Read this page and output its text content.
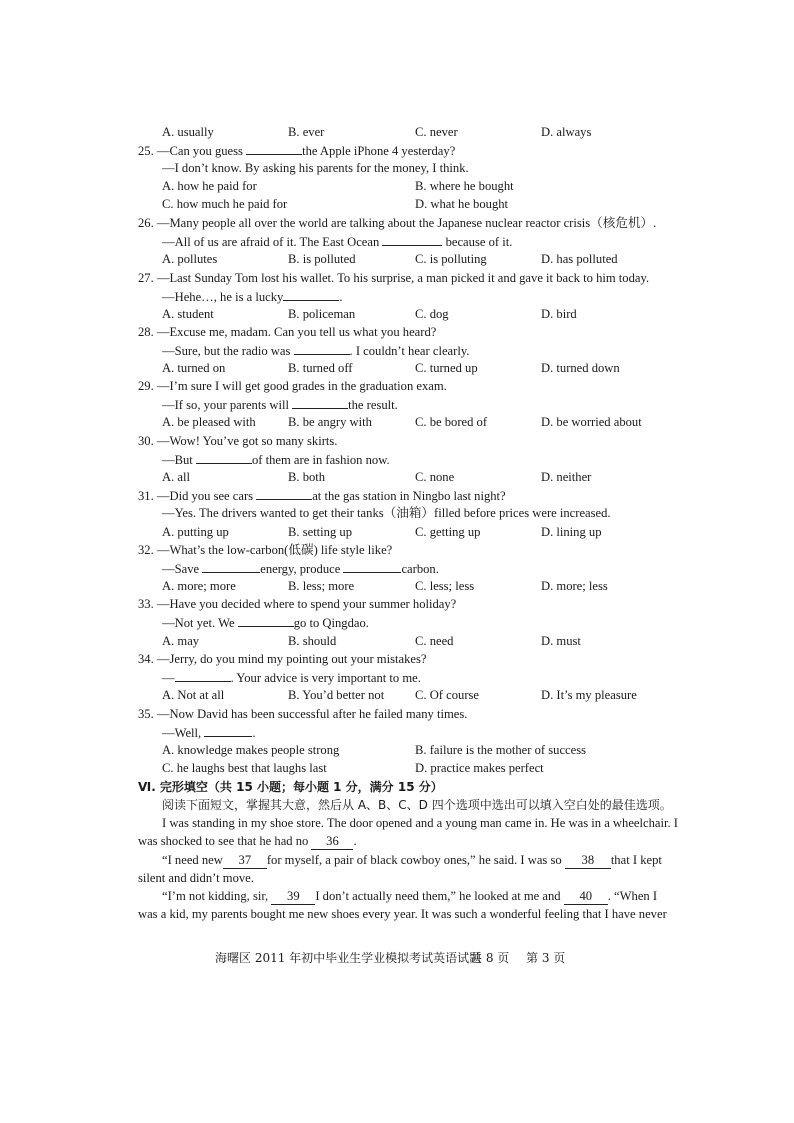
A. usually	B. ever	C. never	D. always
25. —Can you guess	the Apple iPhone 4 yesterday?
—I don’t know. By asking his parents for the money, I think.
A. how he paid for	B. where he bought
C. how much he paid for	D. what he bought
26. —Many people all over the world are talking about the Japanese nuclear reactor crisis（核危机）.
—All of us are afraid of it. The East Ocean	because of it.
A. pollutes	B. is polluted	C. is polluting	D. has polluted
27. —Last Sunday Tom lost his wallet. To his surprise, a man picked it and gave it back to him today.
—Hehe…, he is a lucky	.
A. student	B. policeman	C. dog	D. bird
28. —Excuse me, madam. Can you tell us what you heard?
—Sure, but the radio was	. I couldn’t hear clearly.
A. turned on	B. turned off	C. turned up	D. turned down
29. —I’m sure I will get good grades in the graduation exam.
—If so, your parents will	the result.
A. be pleased with	B. be angry with	C. be bored of	D. be worried about
30. —Wow! You’ve got so many skirts.
—But	of them are in fashion now.
A. all	B. both	C. none	D. neither
31. —Did you see cars	at the gas station in Ningbo last night?
—Yes. The drivers wanted to get their tanks（油箱）filled before prices were increased.
A. putting up	B. setting up	C. getting up	D. lining up
32. —What’s the low-carbon(低碳) life style like?
—Save	energy, produce	carbon.
A. more; more	B. less; more	C. less; less	D. more; less
33. —Have you decided where to spend your summer holiday?
—Not yet. We	go to Qingdao.
A. may	B. should	C. need	D. must
34. —Jerry, do you mind my pointing out your mistakes?
—	. Your advice is very important to me.
A. Not at all	B. You’d better not C. Of course	D. It’s my pleasure
35. —Now David has been successful after he failed many times.
—Well,	.
A. knowledge makes people strong	B. failure is the mother of success
C. he laughs best that laughs last	D. practice makes perfect
Ⅵ. 完形填空（共 15 小题；每小题 1 分，满分 15 分）
阅读下面短文，掌握其大意，然后从 A、B、C、D 四个选项中选出可以填入空白处的最佳选项。
I was standing in my shoe store. The door opened and a young man came in. He was in a wheelchair. I
was shocked to see that he had no 36 .
“I need new 37 for myself, a pair of black cowboy ones,” he said. I was so 38 that I kept
silent and didn’t move.
“I’m not kidding, sir, 39 I don’t actually need them,” he looked at me and 40 . “When I
was a kid, my parents bought me new shoes every year. It was such a wonderful feeling that I have never
海曙区 2011 年初中毕业生学业模拟考试英语试题
共 8 页 第 3 页
